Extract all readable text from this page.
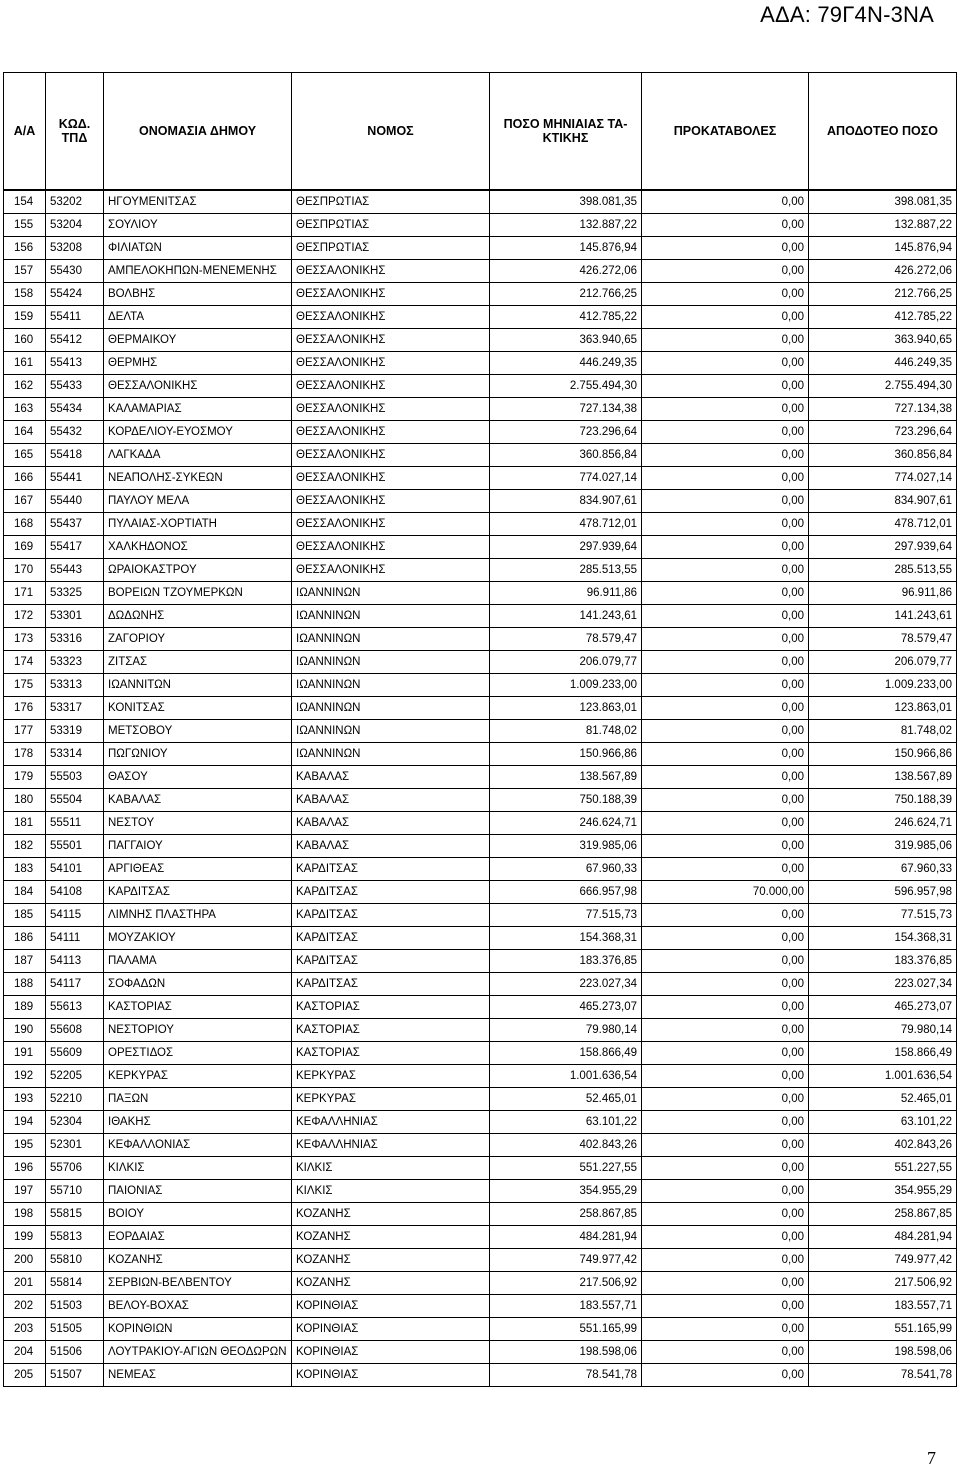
ΑΔΑ: 79Γ4Ν-3ΝΑ
Α/Α	ΚΩΔ. ΤΠΔ	ΟΝΟΜΑΣΙΑ ΔΗΜΟΥ	ΝΟΜΟΣ	ΠΟΣΟ ΜΗΝΙΑΙΑΣ ΤΑ-ΚΤΙΚΗΣ	ΠΡΟΚΑΤΑΒΟΛΕΣ	ΑΠΟΔΟΤΕΟ ΠΟΣΟ
154	53202	ΗΓΟΥΜΕΝΙΤΣΑΣ	ΘΕΣΠΡΩΤΙΑΣ	398.081,35	0,00	398.081,35
155	53204	ΣΟΥΛΙΟΥ	ΘΕΣΠΡΩΤΙΑΣ	132.887,22	0,00	132.887,22
156	53208	ΦΙΛΙΑΤΩΝ	ΘΕΣΠΡΩΤΙΑΣ	145.876,94	0,00	145.876,94
157	55430	ΑΜΠΕΛΟΚΗΠΩΝ-ΜΕΝΕΜΕΝΗΣ	ΘΕΣΣΑΛΟΝΙΚΗΣ	426.272,06	0,00	426.272,06
158	55424	ΒΟΛΒΗΣ	ΘΕΣΣΑΛΟΝΙΚΗΣ	212.766,25	0,00	212.766,25
159	55411	ΔΕΛΤΑ	ΘΕΣΣΑΛΟΝΙΚΗΣ	412.785,22	0,00	412.785,22
160	55412	ΘΕΡΜΑΙΚΟΥ	ΘΕΣΣΑΛΟΝΙΚΗΣ	363.940,65	0,00	363.940,65
161	55413	ΘΕΡΜΗΣ	ΘΕΣΣΑΛΟΝΙΚΗΣ	446.249,35	0,00	446.249,35
162	55433	ΘΕΣΣΑΛΟΝΙΚΗΣ	ΘΕΣΣΑΛΟΝΙΚΗΣ	2.755.494,30	0,00	2.755.494,30
163	55434	ΚΑΛΑΜΑΡΙΑΣ	ΘΕΣΣΑΛΟΝΙΚΗΣ	727.134,38	0,00	727.134,38
164	55432	ΚΟΡΔΕΛΙΟΥ-ΕΥΟΣΜΟΥ	ΘΕΣΣΑΛΟΝΙΚΗΣ	723.296,64	0,00	723.296,64
165	55418	ΛΑΓΚΑΔΑ	ΘΕΣΣΑΛΟΝΙΚΗΣ	360.856,84	0,00	360.856,84
166	55441	ΝΕΑΠΟΛΗΣ-ΣΥΚΕΩΝ	ΘΕΣΣΑΛΟΝΙΚΗΣ	774.027,14	0,00	774.027,14
167	55440	ΠΑΥΛΟΥ ΜΕΛΑ	ΘΕΣΣΑΛΟΝΙΚΗΣ	834.907,61	0,00	834.907,61
168	55437	ΠΥΛΑΙΑΣ-ΧΟΡΤΙΑΤΗ	ΘΕΣΣΑΛΟΝΙΚΗΣ	478.712,01	0,00	478.712,01
169	55417	ΧΑΛΚΗΔΟΝΟΣ	ΘΕΣΣΑΛΟΝΙΚΗΣ	297.939,64	0,00	297.939,64
170	55443	ΩΡΑΙΟΚΑΣΤΡΟΥ	ΘΕΣΣΑΛΟΝΙΚΗΣ	285.513,55	0,00	285.513,55
171	53325	ΒΟΡΕΙΩΝ ΤΖΟΥΜΕΡΚΩΝ	ΙΩΑΝΝΙΝΩΝ	96.911,86	0,00	96.911,86
172	53301	ΔΩΔΩΝΗΣ	ΙΩΑΝΝΙΝΩΝ	141.243,61	0,00	141.243,61
173	53316	ΖΑΓΟΡΙΟΥ	ΙΩΑΝΝΙΝΩΝ	78.579,47	0,00	78.579,47
174	53323	ΖΙΤΣΑΣ	ΙΩΑΝΝΙΝΩΝ	206.079,77	0,00	206.079,77
175	53313	ΙΩΑΝΝΙΤΩΝ	ΙΩΑΝΝΙΝΩΝ	1.009.233,00	0,00	1.009.233,00
176	53317	ΚΟΝΙΤΣΑΣ	ΙΩΑΝΝΙΝΩΝ	123.863,01	0,00	123.863,01
177	53319	ΜΕΤΣΟΒΟΥ	ΙΩΑΝΝΙΝΩΝ	81.748,02	0,00	81.748,02
178	53314	ΠΩΓΩΝΙΟΥ	ΙΩΑΝΝΙΝΩΝ	150.966,86	0,00	150.966,86
179	55503	ΘΑΣΟΥ	ΚΑΒΑΛΑΣ	138.567,89	0,00	138.567,89
180	55504	ΚΑΒΑΛΑΣ	ΚΑΒΑΛΑΣ	750.188,39	0,00	750.188,39
181	55511	ΝΕΣΤΟΥ	ΚΑΒΑΛΑΣ	246.624,71	0,00	246.624,71
182	55501	ΠΑΓΓΑΙΟΥ	ΚΑΒΑΛΑΣ	319.985,06	0,00	319.985,06
183	54101	ΑΡΓΙΘΕΑΣ	ΚΑΡΔΙΤΣΑΣ	67.960,33	0,00	67.960,33
184	54108	ΚΑΡΔΙΤΣΑΣ	ΚΑΡΔΙΤΣΑΣ	666.957,98	70.000,00	596.957,98
185	54115	ΛΙΜΝΗΣ ΠΛΑΣΤΗΡΑ	ΚΑΡΔΙΤΣΑΣ	77.515,73	0,00	77.515,73
186	54111	ΜΟΥΖΑΚΙΟΥ	ΚΑΡΔΙΤΣΑΣ	154.368,31	0,00	154.368,31
187	54113	ΠΑΛΑΜΑ	ΚΑΡΔΙΤΣΑΣ	183.376,85	0,00	183.376,85
188	54117	ΣΟΦΑΔΩΝ	ΚΑΡΔΙΤΣΑΣ	223.027,34	0,00	223.027,34
189	55613	ΚΑΣΤΟΡΙΑΣ	ΚΑΣΤΟΡΙΑΣ	465.273,07	0,00	465.273,07
190	55608	ΝΕΣΤΟΡΙΟΥ	ΚΑΣΤΟΡΙΑΣ	79.980,14	0,00	79.980,14
191	55609	ΟΡΕΣΤΙΔΟΣ	ΚΑΣΤΟΡΙΑΣ	158.866,49	0,00	158.866,49
192	52205	ΚΕΡΚΥΡΑΣ	ΚΕΡΚΥΡΑΣ	1.001.636,54	0,00	1.001.636,54
193	52210	ΠΑΞΩΝ	ΚΕΡΚΥΡΑΣ	52.465,01	0,00	52.465,01
194	52304	ΙΘΑΚΗΣ	ΚΕΦΑΛΛΗΝΙΑΣ	63.101,22	0,00	63.101,22
195	52301	ΚΕΦΑΛΛΟΝΙΑΣ	ΚΕΦΑΛΛΗΝΙΑΣ	402.843,26	0,00	402.843,26
196	55706	ΚΙΛΚΙΣ	ΚΙΛΚΙΣ	551.227,55	0,00	551.227,55
197	55710	ΠΑΙΟΝΙΑΣ	ΚΙΛΚΙΣ	354.955,29	0,00	354.955,29
198	55815	ΒΟΙΟΥ	ΚΟΖΑΝΗΣ	258.867,85	0,00	258.867,85
199	55813	ΕΟΡΔΑΙΑΣ	ΚΟΖΑΝΗΣ	484.281,94	0,00	484.281,94
200	55810	ΚΟΖΑΝΗΣ	ΚΟΖΑΝΗΣ	749.977,42	0,00	749.977,42
201	55814	ΣΕΡΒΙΩΝ-ΒΕΛΒΕΝΤΟΥ	ΚΟΖΑΝΗΣ	217.506,92	0,00	217.506,92
202	51503	ΒΕΛΟΥ-ΒΟΧΑΣ	ΚΟΡΙΝΘΙΑΣ	183.557,71	0,00	183.557,71
203	51505	ΚΟΡΙΝΘΙΩΝ	ΚΟΡΙΝΘΙΑΣ	551.165,99	0,00	551.165,99
204	51506	ΛΟΥΤΡΑΚΙΟΥ-ΑΓΙΩΝ ΘΕΟΔΩΡΩΝ	ΚΟΡΙΝΘΙΑΣ	198.598,06	0,00	198.598,06
205	51507	ΝΕΜΕΑΣ	ΚΟΡΙΝΘΙΑΣ	78.541,78	0,00	78.541,78
7
